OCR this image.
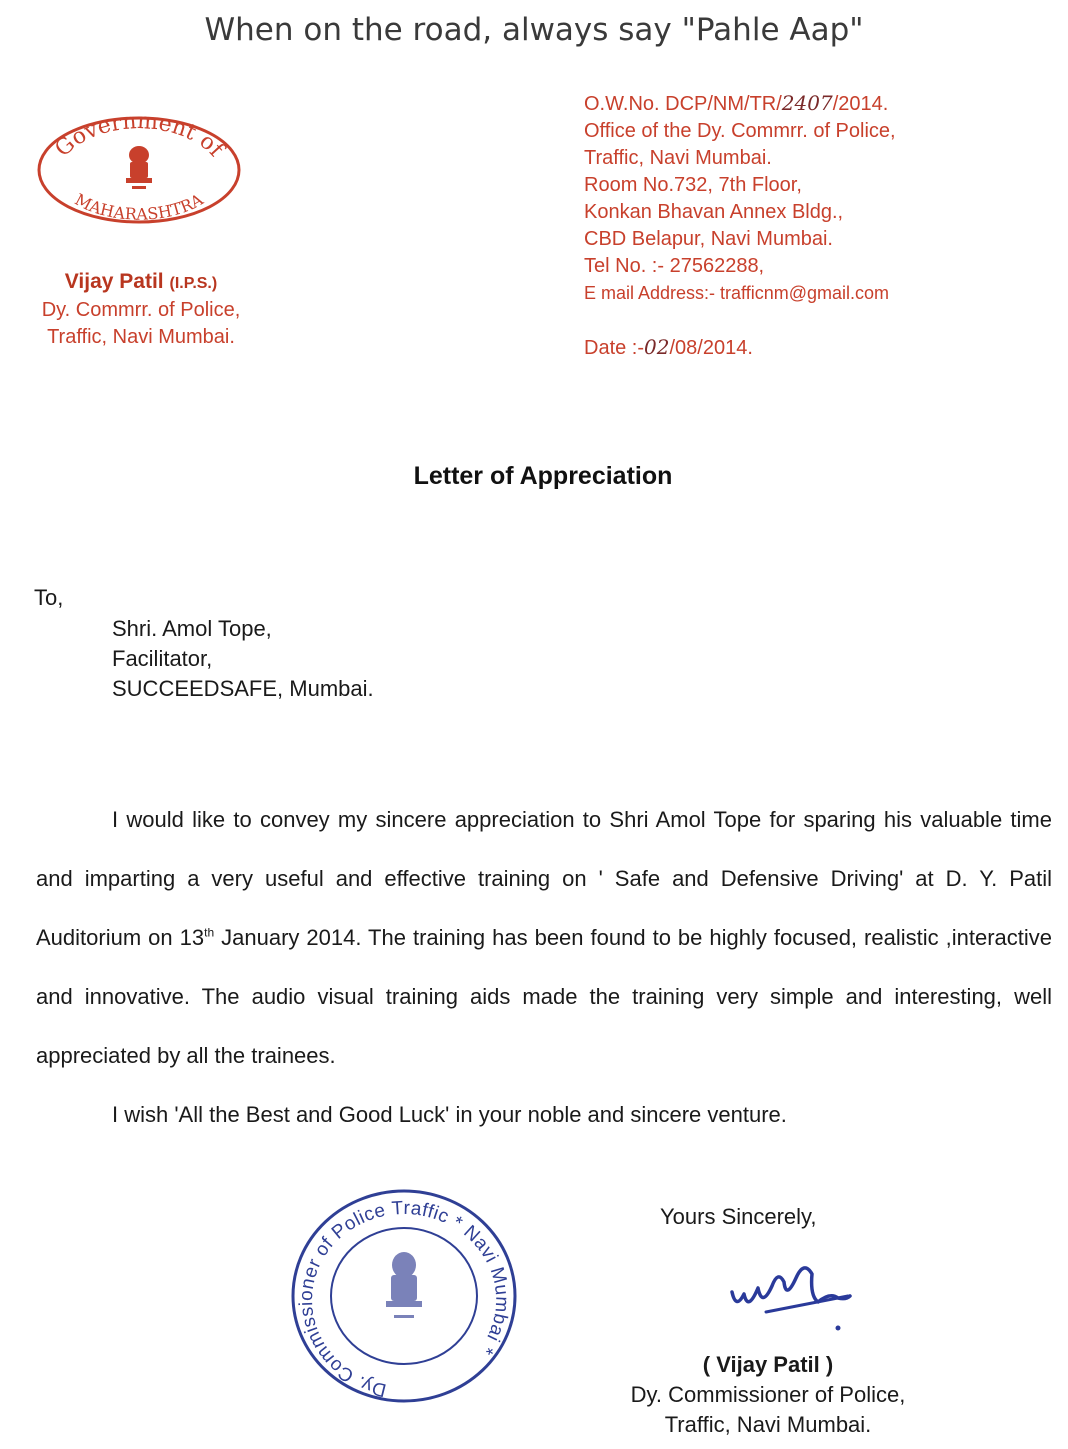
When on the road, always say "Pahle Aap"
Government of
MAHARASHTRA
Vijay Patil (I.P.S.)
Dy. Commrr. of Police,
Traffic, Navi Mumbai.
O.W.No. DCP/NM/TR/2407/2014.
Office of the Dy. Commrr. of Police,
Traffic, Navi Mumbai.
Room No.732, 7th Floor,
Konkan Bhavan Annex Bldg.,
CBD Belapur, Navi Mumbai.
Tel No. :- 27562288,
E mail Address:- trafficnm@gmail.com
Date :-02/08/2014.
Letter of Appreciation
To,
Shri. Amol Tope,
Facilitator,
SUCCEEDSAFE, Mumbai.

I would like to convey my sincere appreciation to Shri Amol Tope for sparing his valuable time and imparting a very useful and effective training on ' Safe and Defensive Driving' at D. Y. Patil Auditorium on 13th January 2014. The training has been found to be highly focused, realistic ,interactive and innovative. The audio visual training aids made the training very simple and interesting, well appreciated by all the trainees.

I wish 'All the Best and Good Luck' in your noble and sincere venture.

Dy. Commissioner of Police Traffic * Navi Mumbai *
Yours Sincerely,
( Vijay Patil )
Dy. Commissioner of Police,
Traffic, Navi Mumbai.
